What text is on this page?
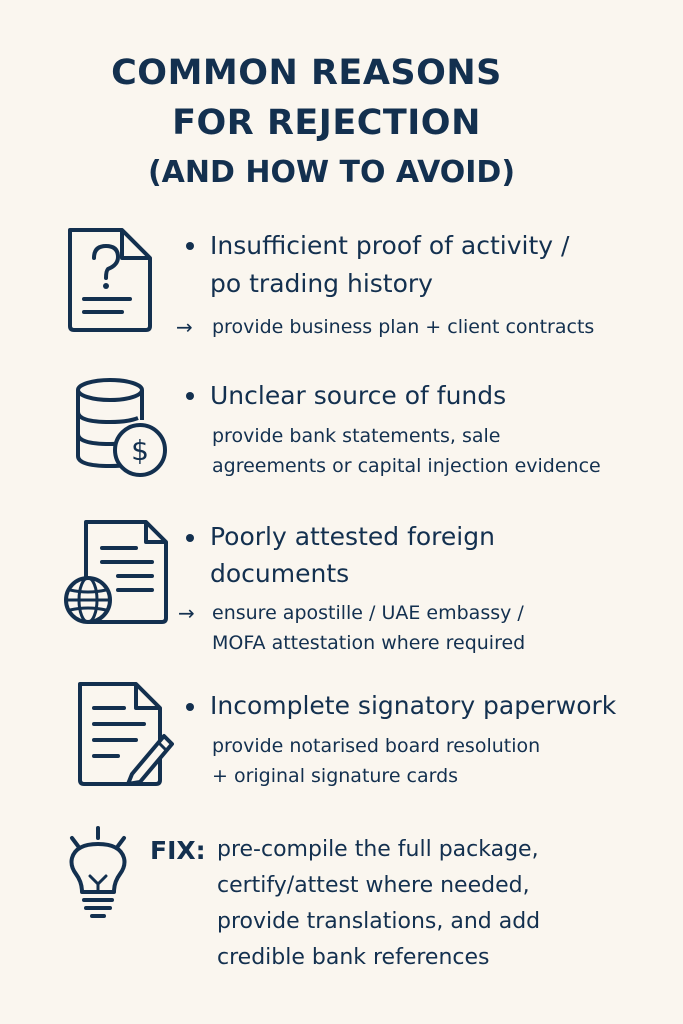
COMMON REASONS
FOR REJECTION
(AND HOW TO AVOID)
Insufficient proof of activity /
po trading history
→ provide business plan + client contracts
$
Unclear source of funds
provide bank statements, sale
agreements or capital injection evidence
Poorly attested foreign
documents
→ ensure apostille / UAE embassy /
MOFA attestation where required
Incomplete signatory paperwork
provide notarised board resolution
+ original signature cards
FIX: pre-compile the full package,
certify/attest where needed,
provide translations, and add
credible bank references
